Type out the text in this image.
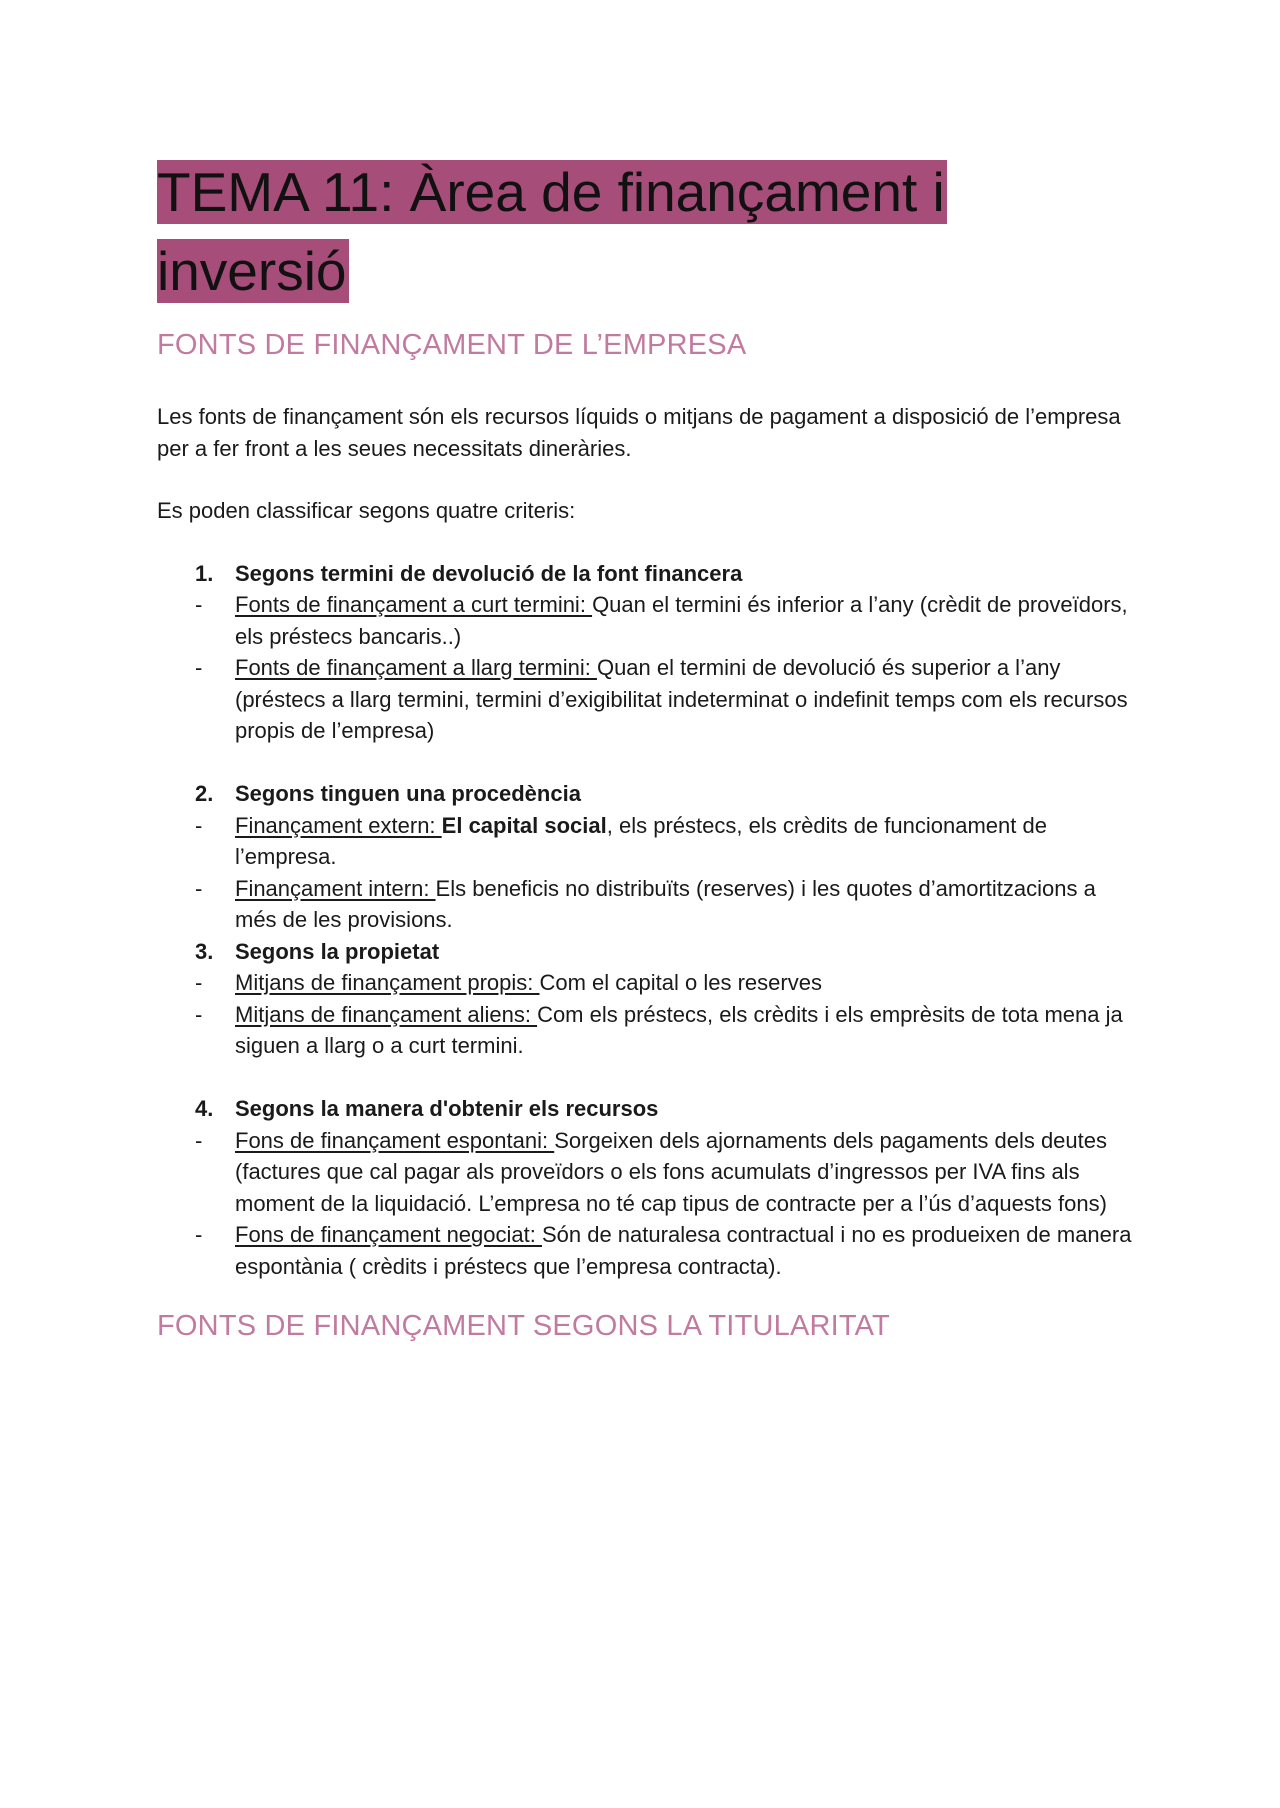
TEMA 11: Àrea de finançament i
inversió
FONTS DE FINANÇAMENT DE L’EMPRESA

Les fonts de finançament són els recursos líquids o mitjans de pagament a disposició de l’empresa per a fer front a les seues necessitats dineràries.

Es poden classificar segons quatre criteris:

1. Segons termini de devolució de la font financera
- Fonts de finançament a curt termini: Quan el termini és inferior a l’any (crèdit de proveïdors, els préstecs bancaris..)
- Fonts de finançament a llarg termini: Quan el termini de devolució és superior a l’any (préstecs a llarg termini, termini d’exigibilitat indeterminat o indefinit temps com els recursos propis de l’empresa)
2. Segons tinguen una procedència
- Finançament extern: El capital social, els préstecs, els crèdits de funcionament de l’empresa.
- Finançament intern: Els beneficis no distribuïts (reserves) i les quotes d’amortitzacions a més de les provisions.
3. Segons la propietat
- Mitjans de finançament propis: Com el capital o les reserves
- Mitjans de finançament aliens: Com els préstecs, els crèdits i els emprèsits de tota mena ja siguen a llarg o a curt termini.
4. Segons la manera d'obtenir els recursos
- Fons de finançament espontani: Sorgeixen dels ajornaments dels pagaments dels deutes (factures que cal pagar als proveïdors o els fons acumulats d’ingressos per IVA fins als moment de la liquidació. L’empresa no té cap tipus de contracte per a l’ús d’aquests fons)
- Fons de finançament negociat: Són de naturalesa contractual i no es produeixen de manera espontània ( crèdits i préstecs que l’empresa contracta).
FONTS DE FINANÇAMENT SEGONS LA TITULARITAT
